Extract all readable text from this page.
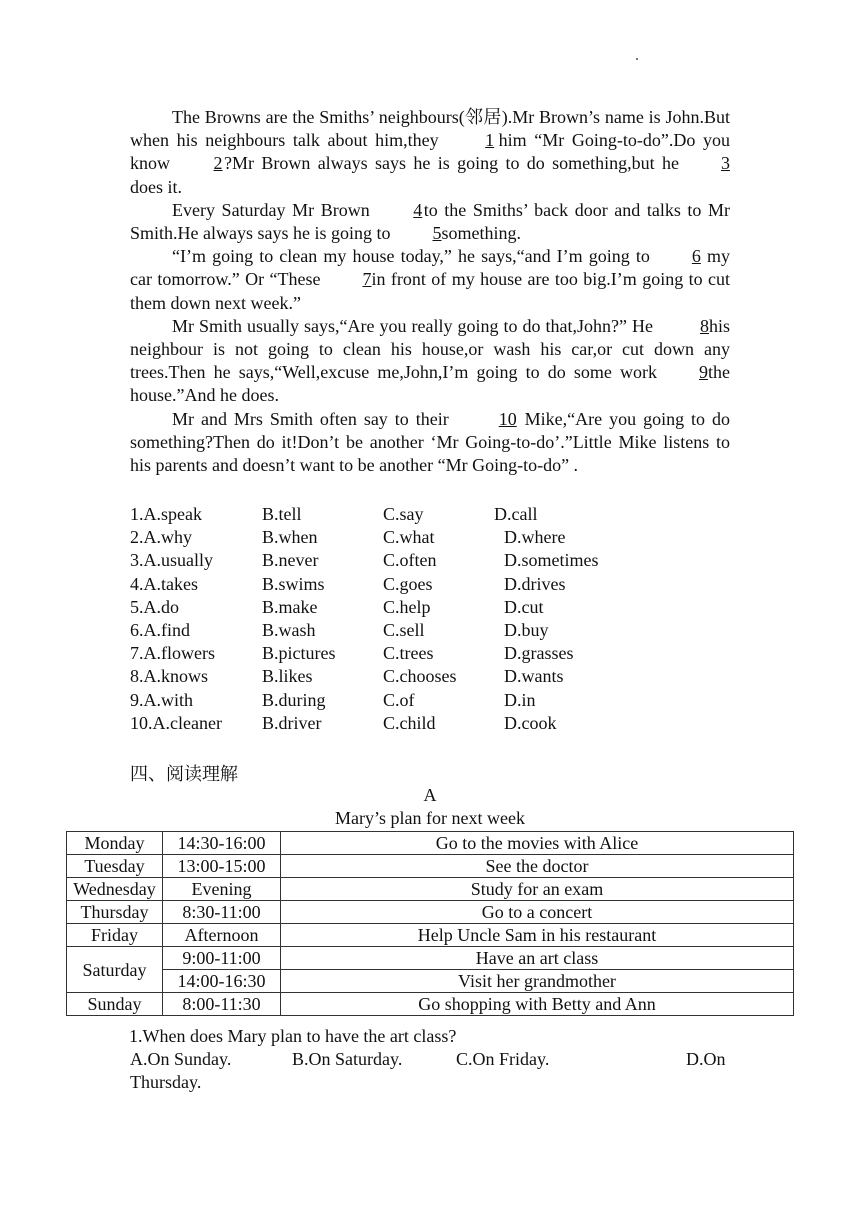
The Browns are the Smiths’ neighbours(邻居).Mr Brown’s name is John.But when his neighbours talk about him,they	1 him “Mr Going-to-do”.Do you know 2?Mr Brown always says he is going to do something,but he 3does it.

Every Saturday Mr Brown 4to the Smiths’ back door and talks to Mr Smith.He always says he is going to 5something.

“I’m going to clean my house today,” he says,“and I’m going to 6 my car tomorrow.” Or “These 7in front of my house are too big.I’m going to cut them down next week.”

Mr Smith usually says,“Are you really going to do that,John?” He 8his neighbour is not going to clean his house,or wash his car,or cut down any trees.Then he says,“Well,excuse me,John,I’m going to do some work 9the house.”And he does.

Mr and Mrs Smith often say to their 10 Mike,“Are you going to do something?Then do it!Don’t be another ‘Mr Going-to-do’.”Little Mike listens to his parents and doesn’t want to be another “Mr Going-to-do” .

1.A.speak	B.tell	C.say	D.call
2.A.why	B.when	C.what	D.where
3.A.usually	B.never	C.often	D.sometimes
4.A.takes	B.swims	C.goes	D.drives
5.A.do	B.make	C.help	D.cut
6.A.find	B.wash	C.sell	D.buy
7.A.flowers	B.pictures	C.trees	D.grasses
8.A.knows	B.likes	C.chooses	D.wants
9.A.with	B.during	C.of	D.in
10.A.cleaner B.driver	C.child	D.cook
四、阅读理解
A
Mary’s plan for next week
Monday	14:30-16:00	Go to the movies with Alice
Tuesday	13:00-15:00	See the doctor
Wednesday	Evening	Study for an exam
Thursday	8:30-11:00	Go to a concert
Friday	Afternoon	Help Uncle Sam in his restaurant
Saturday	9:00-11:00	Have an art class
	14:00-16:30	Visit her grandmother
Sunday	8:00-11:30	Go shopping with Betty and Ann

1.When does Mary plan to have the art class?

A.On Sunday.	B.On Saturday.	C.On Friday.	D.On

Thursday.
